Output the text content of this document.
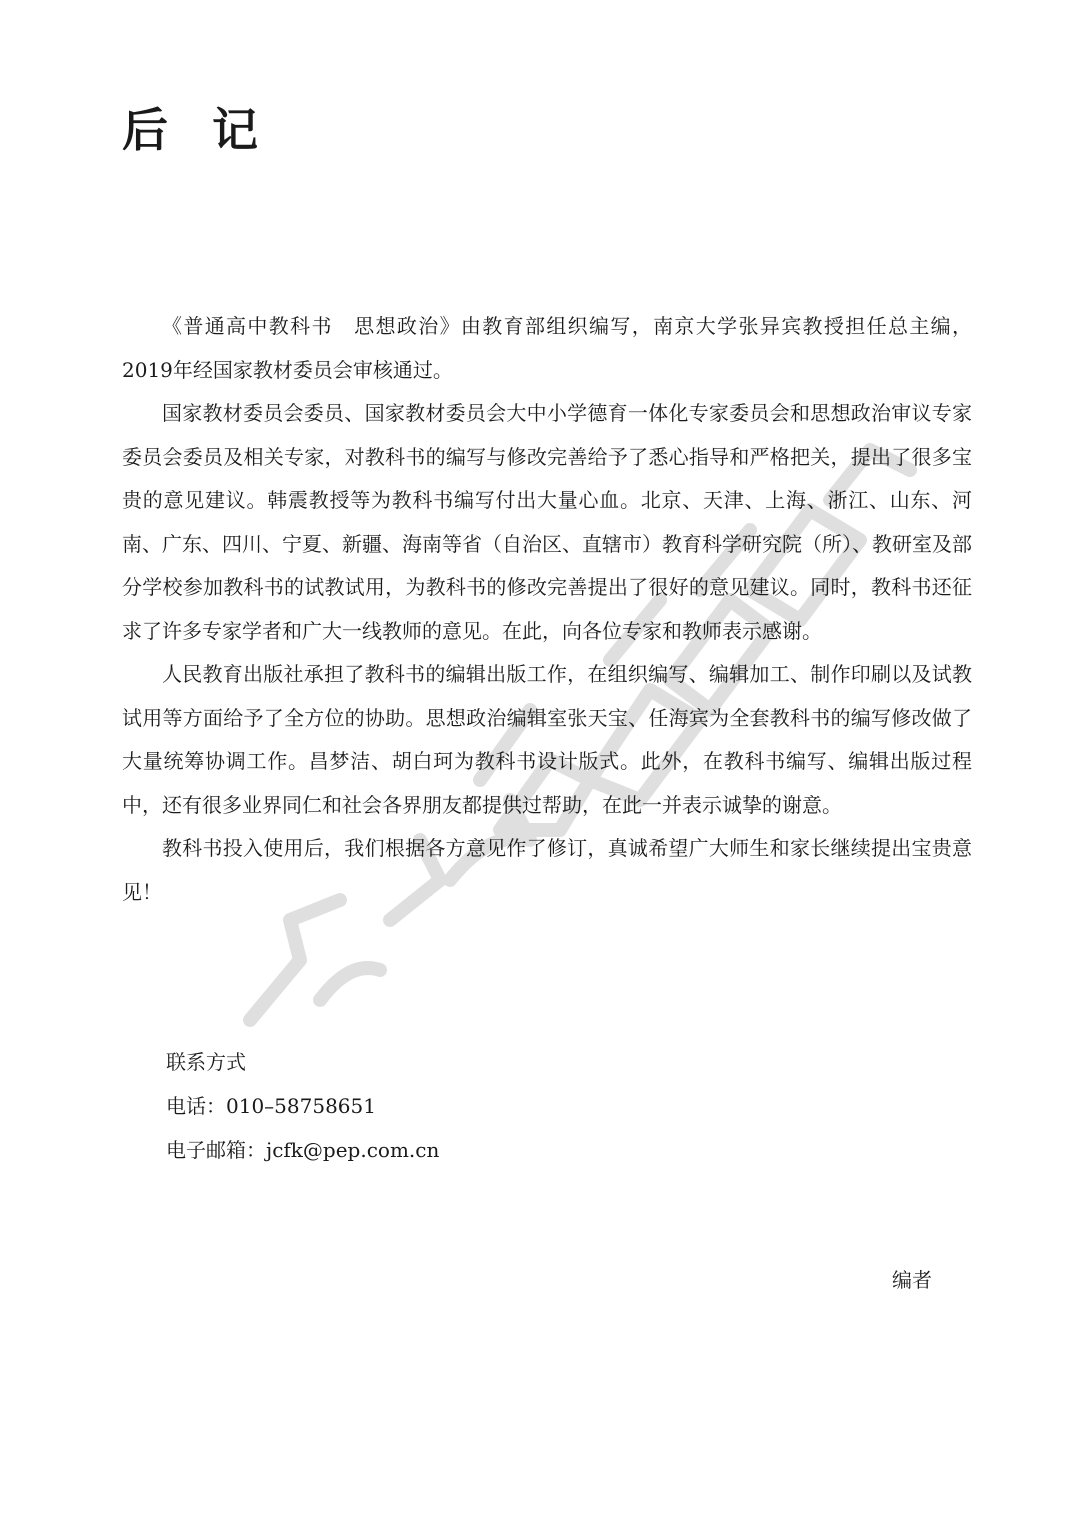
后记

《普通高中教科书　思想政治》由教育部组织编写，南京大学张异宾教授担任总主编，2019年经国家教材委员会审核通过。

国家教材委员会委员、国家教材委员会大中小学德育一体化专家委员会和思想政治审议专家委员会委员及相关专家，对教科书的编写与修改完善给予了悉心指导和严格把关，提出了很多宝贵的意见建议。韩震教授等为教科书编写付出大量心血。北京、天津、上海、浙江、山东、河南、广东、四川、宁夏、新疆、海南等省（自治区、直辖市）教育科学研究院（所）、教研室及部分学校参加教科书的试教试用，为教科书的修改完善提出了很好的意见建议。同时，教科书还征求了许多专家学者和广大一线教师的意见。在此，向各位专家和教师表示感谢。

人民教育出版社承担了教科书的编辑出版工作，在组织编写、编辑加工、制作印刷以及试教试用等方面给予了全方位的协助。思想政治编辑室张天宝、任海宾为全套教科书的编写修改做了大量统筹协调工作。昌梦洁、胡白珂为教科书设计版式。此外，在教科书编写、编辑出版过程中，还有很多业界同仁和社会各界朋友都提供过帮助，在此一并表示诚挚的谢意。

教科书投入使用后，我们根据各方意见作了修订，真诚希望广大师生和家长继续提出宝贵意见！

联系方式
电话：010–58758651
电子邮箱：jcfk@pep.com.cn
编者
